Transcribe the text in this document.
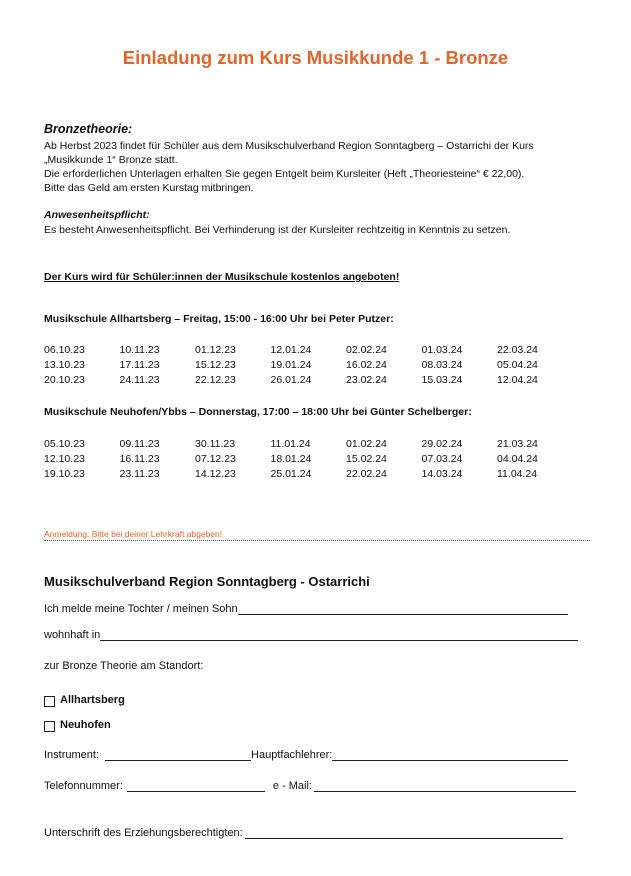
Einladung zum Kurs Musikkunde 1 - Bronze
Bronzetheorie:
Ab Herbst 2023 findet für Schüler aus dem Musikschulverband Region Sonntagberg – Ostarrichi der Kurs
„Musikkunde 1“ Bronze statt.
Die erforderlichen Unterlagen erhalten Sie gegen Entgelt beim Kursleiter (Heft „Theoriesteine“ € 22,00).
Bitte das Geld am ersten Kurstag mitbringen.
Anwesenheitspflicht:
Es besteht Anwesenheitspflicht. Bei Verhinderung ist der Kursleiter rechtzeitig in Kenntnis zu setzen.
Der Kurs wird für Schüler:innen der Musikschule kostenlos angeboten!
Musikschule Allhartsberg – Freitag, 15:00 - 16:00 Uhr bei Peter Putzer:
06.10.23	10.11.23	01.12.23	12.01.24	02.02.24	01.03.24	22.03.24
13.10.23	17.11.23	15.12.23	19.01.24	16.02.24	08.03.24	05.04.24
20.10.23	24.11.23	22.12.23	26.01.24	23.02.24	15.03.24	12.04.24
Musikschule Neuhofen/Ybbs – Donnerstag, 17:00 – 18:00 Uhr bei Günter Schelberger:
05.10.23	09.11.23	30.11.23	11.01.24	01.02.24	29.02.24	21.03.24
12.10.23	16.11.23	07.12.23	18.01.24	15.02.24	07.03.24	04.04.24
19.10.23	23.11.23	14.12.23	25.01.24	22.02.24	14.03.24	11.04.24
Anmeldung: Bitte bei deiner Lehrkraft abgeben!
Musikschulverband Region Sonntagberg - Ostarrichi
Ich melde meine Tochter / meinen Sohn
wohnhaft in
zur Bronze Theorie am Standort:
Allhartsberg
Neuhofen
Instrument:	Hauptfachlehrer:
Telefonnummer:	e - Mail:
Unterschrift des Erziehungsberechtigten:
